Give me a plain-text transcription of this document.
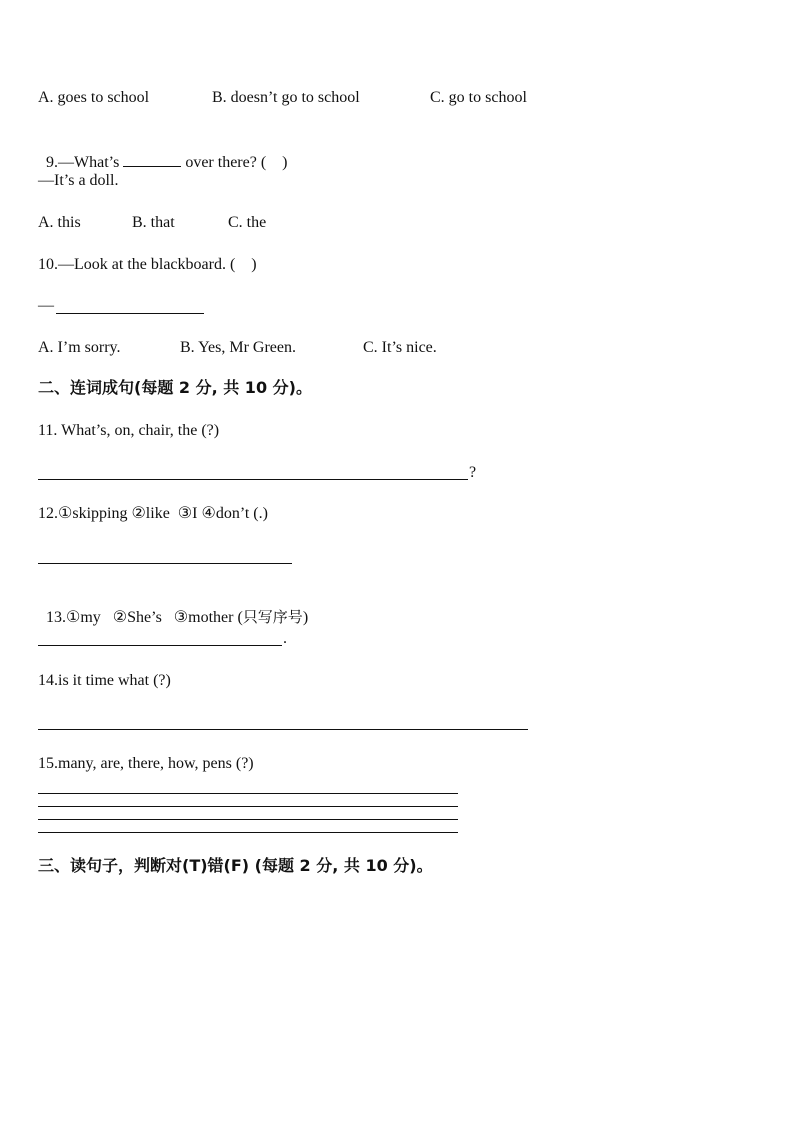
A. goes to school	B. doesn’t go to school	C. go to school

9.—What’s	over there? (    )

—It’s a doll.
A. this	B. that	C. the
10.—Look at the blackboard. (    )
—
A. I’m sorry.	B. Yes, Mr Green.	C. It’s nice.
二、连词成句(每题 2 分, 共 10 分)。
11. What’s, on, chair, the (?)
?
12.①skipping ②like  ③I ④don’t (.)

13.①my   ②She’s   ③mother (只写序号)

.
14.is it time what (?)
15.many, are, there, how, pens (?)
三、读句子，判断对(T)错(F) (每题 2 分, 共 10 分)。
